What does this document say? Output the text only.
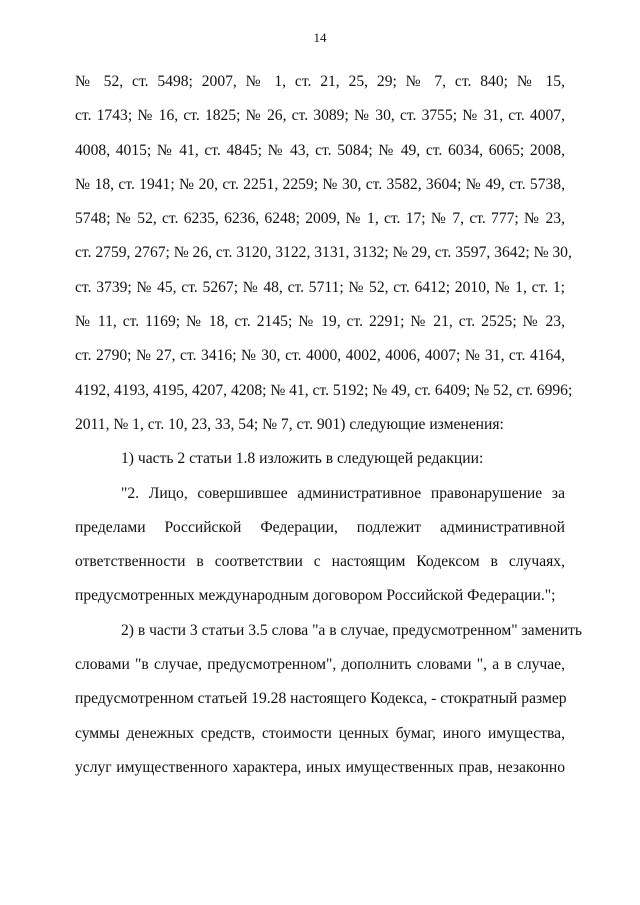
14
№ 52, ст. 5498; 2007, № 1, ст. 21, 25, 29; № 7, ст. 840; № 15,
ст. 1743; № 16, ст. 1825; № 26, ст. 3089; № 30, ст. 3755; № 31, ст. 4007,
4008, 4015; № 41, ст. 4845; № 43, ст. 5084; № 49, ст. 6034, 6065; 2008,
№ 18, ст. 1941; № 20, ст. 2251, 2259; № 30, ст. 3582, 3604; № 49, ст. 5738,
5748; № 52, ст. 6235, 6236, 6248; 2009, № 1, ст. 17; № 7, ст. 777; № 23,
ст. 2759, 2767; № 26, ст. 3120, 3122, 3131, 3132; № 29, ст. 3597, 3642; № 30,
ст. 3739; № 45, ст. 5267; № 48, ст. 5711; № 52, ст. 6412; 2010, № 1, ст. 1;
№ 11, ст. 1169; № 18, ст. 2145; № 19, ст. 2291; № 21, ст. 2525; № 23,
ст. 2790; № 27, ст. 3416; № 30, ст. 4000, 4002, 4006, 4007; № 31, ст. 4164,
4192, 4193, 4195, 4207, 4208; № 41, ст. 5192; № 49, ст. 6409; № 52, ст. 6996;
2011, № 1, ст. 10, 23, 33, 54; № 7, ст. 901) следующие изменения:
1) часть 2 статьи 1.8 изложить в следующей редакции:
"2. Лицо, совершившее административное правонарушение за
пределами Российской Федерации, подлежит административной
ответственности в соответствии с настоящим Кодексом в случаях,
предусмотренных международным договором Российской Федерации.";
2) в части 3 статьи 3.5 слова "а в случае, предусмотренном" заменить
словами "в случае, предусмотренном", дополнить словами ", а в случае,
предусмотренном статьей 19.28 настоящего Кодекса, - стократный размер
суммы денежных средств, стоимости ценных бумаг, иного имущества,
услуг имущественного характера, иных имущественных прав, незаконно
